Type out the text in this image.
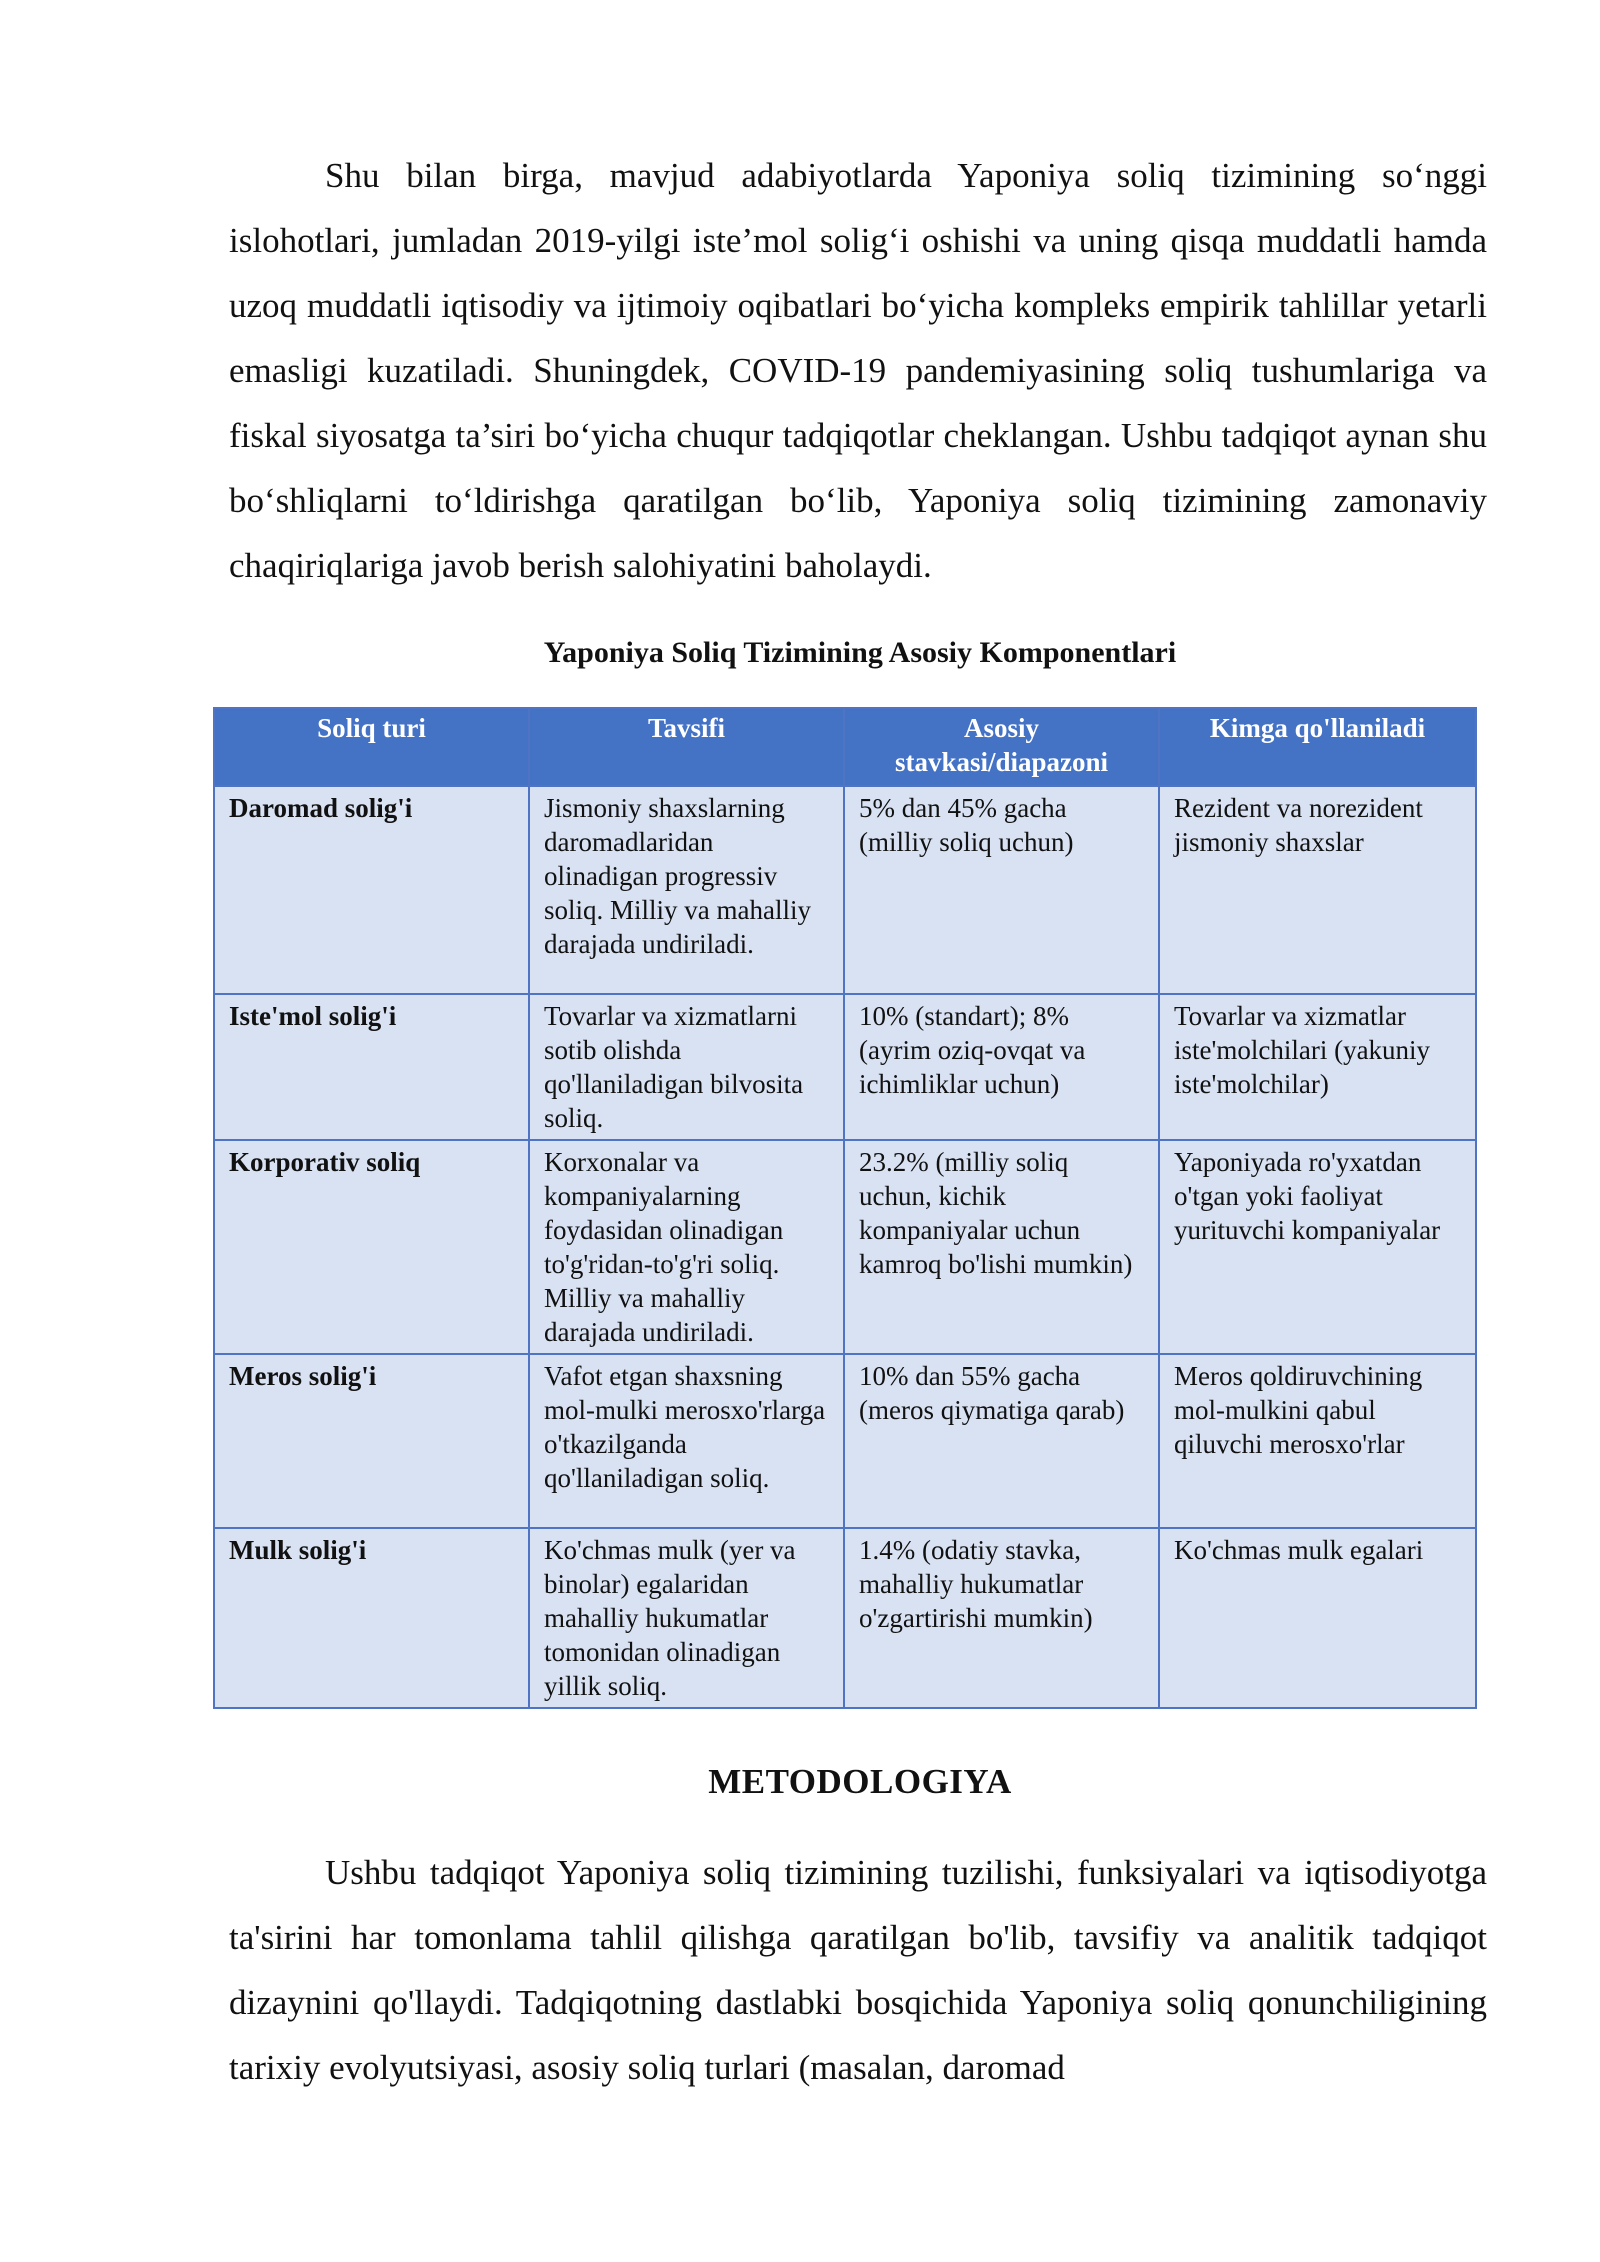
Shu bilan birga, mavjud adabiyotlarda Yaponiya soliq tizimining so‘nggi islohotlari, jumladan 2019-yilgi iste’mol solig‘i oshishi va uning qisqa muddatli hamda uzoq muddatli iqtisodiy va ijtimoiy oqibatlari bo‘yicha kompleks empirik tahlillar yetarli emasligi kuzatiladi. Shuningdek, COVID-19 pandemiyasining soliq tushumlariga va fiskal siyosatga ta’siri bo‘yicha chuqur tadqiqotlar cheklangan. Ushbu tadqiqot aynan shu bo‘shliqlarni to‘ldirishga qaratilgan bo‘lib, Yaponiya soliq tizimining zamonaviy chaqiriqlariga javob berish salohiyatini baholaydi.

Yaponiya Soliq Tizimining Asosiy Komponentlari

Soliq turi	Tavsifi	Asosiy stavkasi/diapazoni	Kimga qo'llaniladi
Daromad solig'i	Jismoniy shaxslarning daromadlaridan olinadigan progressiv soliq. Milliy va mahalliy darajada undiriladi.	5% dan 45% gacha (milliy soliq uchun)	Rezident va norezident jismoniy shaxslar
Iste'mol solig'i	Tovarlar va xizmatlarni sotib olishda qo'llaniladigan bilvosita soliq.	10% (standart); 8% (ayrim oziq-ovqat va ichimliklar uchun)	Tovarlar va xizmatlar iste'molchilari (yakuniy iste'molchilar)
Korporativ soliq	Korxonalar va kompaniyalarning foydasidan olinadigan to'g'ridan-to'g'ri soliq. Milliy va mahalliy darajada undiriladi.	23.2% (milliy soliq uchun, kichik kompaniyalar uchun kamroq bo'lishi mumkin)	Yaponiyada ro'yxatdan o'tgan yoki faoliyat yurituvchi kompaniyalar
Meros solig'i	Vafot etgan shaxsning mol-mulki merosxo'rlarga o'tkazilganda qo'llaniladigan soliq.	10% dan 55% gacha (meros qiymatiga qarab)	Meros qoldiruvchining mol-mulkini qabul qiluvchi merosxo'rlar
Mulk solig'i	Ko'chmas mulk (yer va binolar) egalaridan mahalliy hukumatlar tomonidan olinadigan yillik soliq.	1.4% (odatiy stavka, mahalliy hukumatlar o'zgartirishi mumkin)	Ko'chmas mulk egalari
METODOLOGIYA

Ushbu tadqiqot Yaponiya soliq tizimining tuzilishi, funksiyalari va iqtisodiyotga ta'sirini har tomonlama tahlil qilishga qaratilgan bo'lib, tavsifiy va analitik tadqiqot dizaynini qo'llaydi. Tadqiqotning dastlabki bosqichida Yaponiya soliq qonunchiligining tarixiy evolyutsiyasi, asosiy soliq turlari (masalan, daromad
